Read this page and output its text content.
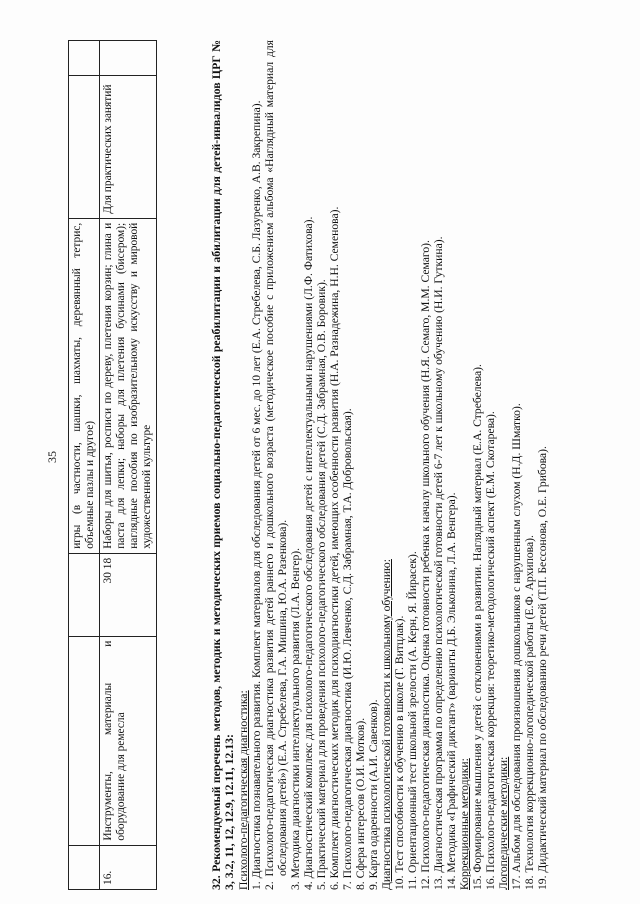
35
			игры (в частности, шашки, шахматы, деревянный тетрис, объемные пазлы и другое)		
16.	Инструменты, материалы и оборудование для ремесла	30 18	Наборы для шитья, росписи по дереву, плетения корзин; глина и паста для лепки; наборы для плетения бусинами (бисером); наглядные пособия по изобразительному искусству и мировой художественной культуре	Для практических занятий		32. Рекомендуемый перечень методов, методик и методических приемов социально-педагогической реабилитации и абилитации для детей-инвалидов ЦРГ № 3, 3.2, 11, 12, 12.9, 12.11, 12.13: Психолого-педагогическая диагностика: 1. Диагностика познавательного развития. Комплект материалов для обследования детей от 6 мес. до 10 лет (Е.А. Стребелева, С.Б. Лазуренко, А.В. Закрепина). 2. Психолого-педагогическая диагностика развития детей раннего и дошкольного возраста (методическое пособие с приложением альбома «Наглядный материал для обследования детей») (Е.А. Стребелева, Г.А. Мишина, Ю.А. Разенкова). 3. Методика диагностики интеллектуального развития (Л.А. Венгер). 4. Диагностический комплекс для психолого-педагогического обследования детей с интеллектуальными нарушениями (Л.Ф. Фатихова). 5. Практический материал для проведения психолого-педагогического обследования детей (С.Д. Забрамная, О.В. Боровик). 6. Комплект диагностических методик для психодиагностики детей, имеющих особенности развития (Н.А. Разнадежина, Н.Н. Семенова). 7. Психолого-педагогическая диагностика (И.Ю. Левченко, С.Д. Забрамная, Т.А. Добровольская). 8. Сфера интересов (О.И. Мотков). 9. Карта одаренности (А.И. Савенков). Диагностика психологической готовности к школьному обучению: 10. Тест способности к обучению в школе (Г. Витцлак). 11. Ориентационный тест школьной зрелости (А. Керн, Я. Йирасек). 12. Психолого-педагогическая диагностика. Оценка готовности ребенка к началу школьного обучения (Н.Я. Семаго, М.М. Семаго). 13. Диагностическая программа по определению психологической готовности детей 6-7 лет к школьному обучению (Н.И. Гуткина). 14. Методика «Графический диктант» (варианты Д.Б. Эльконина, Л.А. Венгера). Коррекционные методики: 15. Формирование мышления у детей с отклонениями в развитии. Наглядный материал (Е.А. Стребелева). 16. Психолого-педагогическая коррекция: теоретико-методологический аспект (Е.М. Скотарева). Логопедические методики: 17. Альбом для обследования произношения дошкольников с нарушенным слухом (Н.Д. Шматко). 18. Технология коррекционно-логопедической работы (Е.Ф. Архипова). 19. Дидактический материал по обследованию речи детей (Т.П. Бессонова, О.Е. Грибова).
